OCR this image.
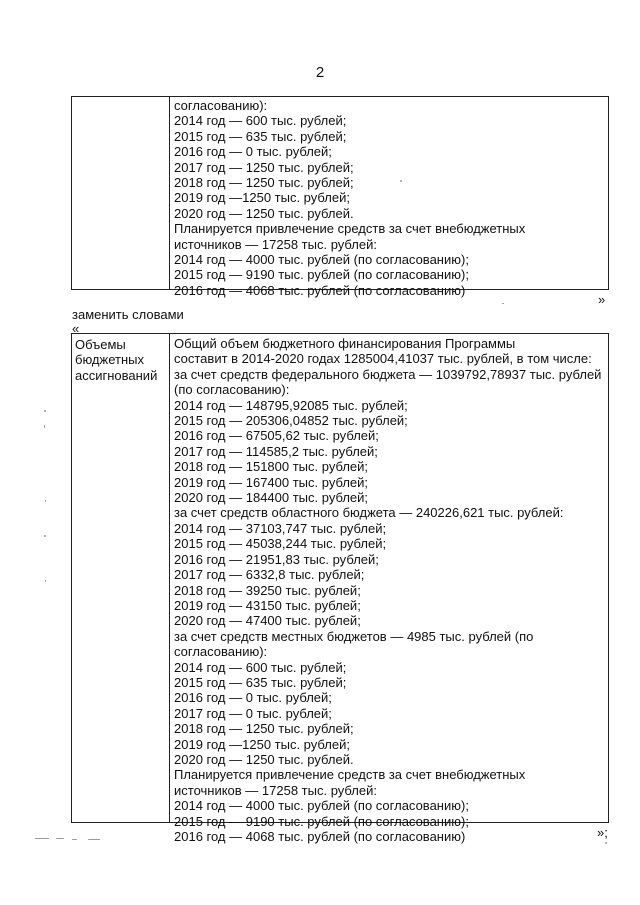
2
согласованию):
2014 год — 600 тыс. рублей;
2015 год — 635 тыс. рублей;
2016 год — 0 тыс. рублей;
2017 год — 1250 тыс. рублей;
2018 год — 1250 тыс. рублей;
2019 год —1250 тыс. рублей;
2020 год — 1250 тыс. рублей.
Планируется привлечение средств за счет внебюджетных
источников — 17258 тыс. рублей:
2014 год — 4000 тыс. рублей (по согласованию);
2015 год — 9190 тыс. рублей (по согласованию);
2016 год — 4068 тыс. рублей (по согласованию)
»
заменить словами
«
Объемы
бюджетных
ассигнований
Общий объем бюджетного финансирования Программы
составит в 2014-2020 годах 1285004,41037 тыс. рублей, в том числе:
за счет средств федерального бюджета — 1039792,78937 тыс. рублей
(по согласованию):
2014 год — 148795,92085 тыс. рублей;
2015 год — 205306,04852 тыс. рублей;
2016 год — 67505,62 тыс. рублей;
2017 год — 114585,2 тыс. рублей;
2018 год — 151800 тыс. рублей;
2019 год — 167400 тыс. рублей;
2020 год — 184400 тыс. рублей;
за счет средств областного бюджета — 240226,621 тыс. рублей:
2014 год — 37103,747 тыс. рублей;
2015 год — 45038,244 тыс. рублей;
2016 год — 21951,83 тыс. рублей;
2017 год — 6332,8 тыс. рублей;
2018 год — 39250 тыс. рублей;
2019 год — 43150 тыс. рублей;
2020 год — 47400 тыс. рублей;
за счет средств местных бюджетов — 4985 тыс. рублей (по
согласованию):
2014 год — 600 тыс. рублей;
2015 год — 635 тыс. рублей;
2016 год — 0 тыс. рублей;
2017 год — 0 тыс. рублей;
2018 год — 1250 тыс. рублей;
2019 год —1250 тыс. рублей;
2020 год — 1250 тыс. рублей.
Планируется привлечение средств за счет внебюджетных
источников — 17258 тыс. рублей:
2014 год — 4000 тыс. рублей (по согласованию);
2015 год — 9190 тыс. рублей (по согласованию);
2016 год — 4068 тыс. рублей (по согласованию)	»;
